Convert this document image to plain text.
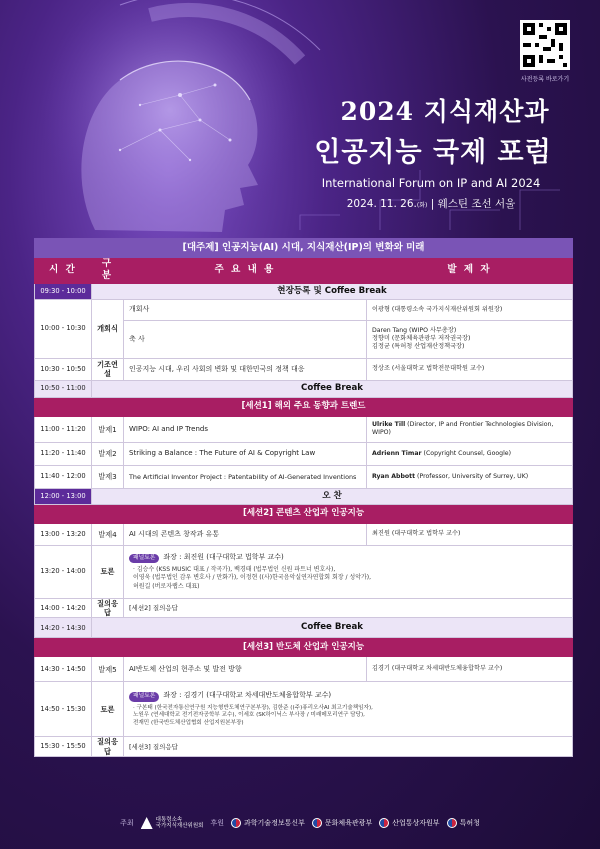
사전등록 바로가기
2024 지식재산과
인공지능 국제 포럼
International Forum on IP and AI 2024
2024. 11. 26.(화) | 웨스틴 조선 서울
[대주제] 인공지능(AI) 시대, 지식재산(IP)의 변화와 미래			
시 간	구 분	주 요 내 용	발 제 자
09:30 - 10:00	현장등록 및 Coffee Break		
10:00 - 10:30	개회식	개회사	이광형 (대통령소속 국가지식재산위원회 위원장)
		축 사	Daren Tang (WIPO 사무총장)
정향미 (문화체육관광부 저작권국장)
김정균 (특허청 산업재산정책국장)

10:30 - 10:50	기조연설	인공지능 시대, 우리 사회의 변화 및 대한민국의 정책 대응	정상조 (서울대학교 법학전문대학원 교수)
10:50 - 11:00	Coffee Break		
[세션1] 해외 주요 동향과 트렌드			
11:00 - 11:20	발제1	WIPO: AI and IP Trends	Ulrike Till (Director, IP and Frontier Technologies Division, WIPO)
11:20 - 11:40	발제2	Striking a Balance : The Future of AI & Copyright Law	Adrienn Timar (Copyright Counsel, Google)
11:40 - 12:00	발제3	The Artificial Inventor Project : Patentability of AI-Generated Inventions	Ryan Abbott (Professor, University of Surrey, UK)
12:00 - 13:00	오 찬		
[세션2] 콘텐츠 산업과 인공지능			
13:00 - 13:20	발제4	AI 시대의 콘텐츠 창작과 유통	최진원 (대구대학교 법학부 교수)
13:20 - 14:00	토론	패널토론 좌장 : 최진원 (대구대학교 법학부 교수)
· 김승수 (KSS MUSIC 대표 / 작곡가), 백경태 (법무법인 신원 파트너 변호사),
이영욱 (법무법인 감우 변호사 / 만화가), 이정현 ((사)한국음악실연자연합회 회장 / 성악가),
허원길 (버로자랩스 대표)	

14:00 - 14:20	질의응답	[세션2] 질의응답	
14:20 - 14:30	Coffee Break		
[세션3] 반도체 산업과 인공지능			
14:30 - 14:50	발제5	AI반도체 산업의 현주소 및 발전 방향	김경기 (대구대학교 차세대반도체융합학부 교수)
14:50 - 15:30	토론	패널토론 좌장 : 김경기 (대구대학교 차세대반도체융합학부 교수)
· 구본태 (한국전자통신연구원 지능형반도체연구본부장), 김한준 ((주)퓨리오사AI 최고기술책임자),
노원우 (연세대학교 전기전자공학부 교수), 이세호 (SK하이닉스 부사장 / 미래메모리연구 담당),
전재민 (한국반도체산업협회 산업지원본부장)	

15:30 - 15:50	질의응답	[세션3] 질의응답	
주최	대통령소속
국가지식재산위원회 후원	과학기술정보통신부	문화체육관광부	산업통상자원부	특허청
